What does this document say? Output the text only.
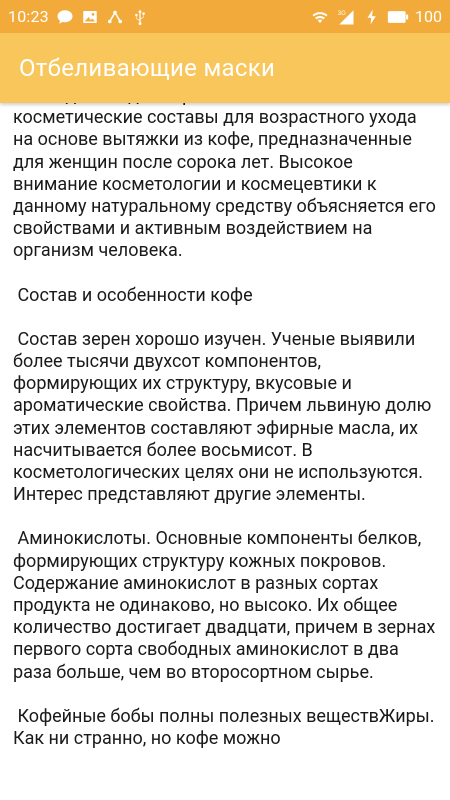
10:23	3G	100
Отбеливающие маски

косметические составы для возрастного ухода на основе вытяжки из кофе, предназначенные для женщин после сорока лет. Высокое внимание косметологии и космецевтики к данному натуральному средству объясняется его свойствами и активным воздействием на организм человека.

Состав и особенности кофе

Состав зерен хорошо изучен. Ученые выявили более тысячи двухсот компонентов, формирующих их структуру, вкусовые и ароматические свойства. Причем львиную долю этих элементов составляют эфирные масла, их насчитывается более восьмисот. В косметологических целях они не используются. Интерес представляют другие элементы.

Аминокислоты. Основные компоненты белков, формирующих структуру кожных покровов. Содержание аминокислот в разных сортах продукта не одинаково, но высоко. Их общее количество достигает двадцати, причем в зернах первого сорта свободных аминокислот в два раза больше, чем во второсортном сырье.

Кофейные бобы полны полезных веществЖиры. Как ни странно, но кофе можно
